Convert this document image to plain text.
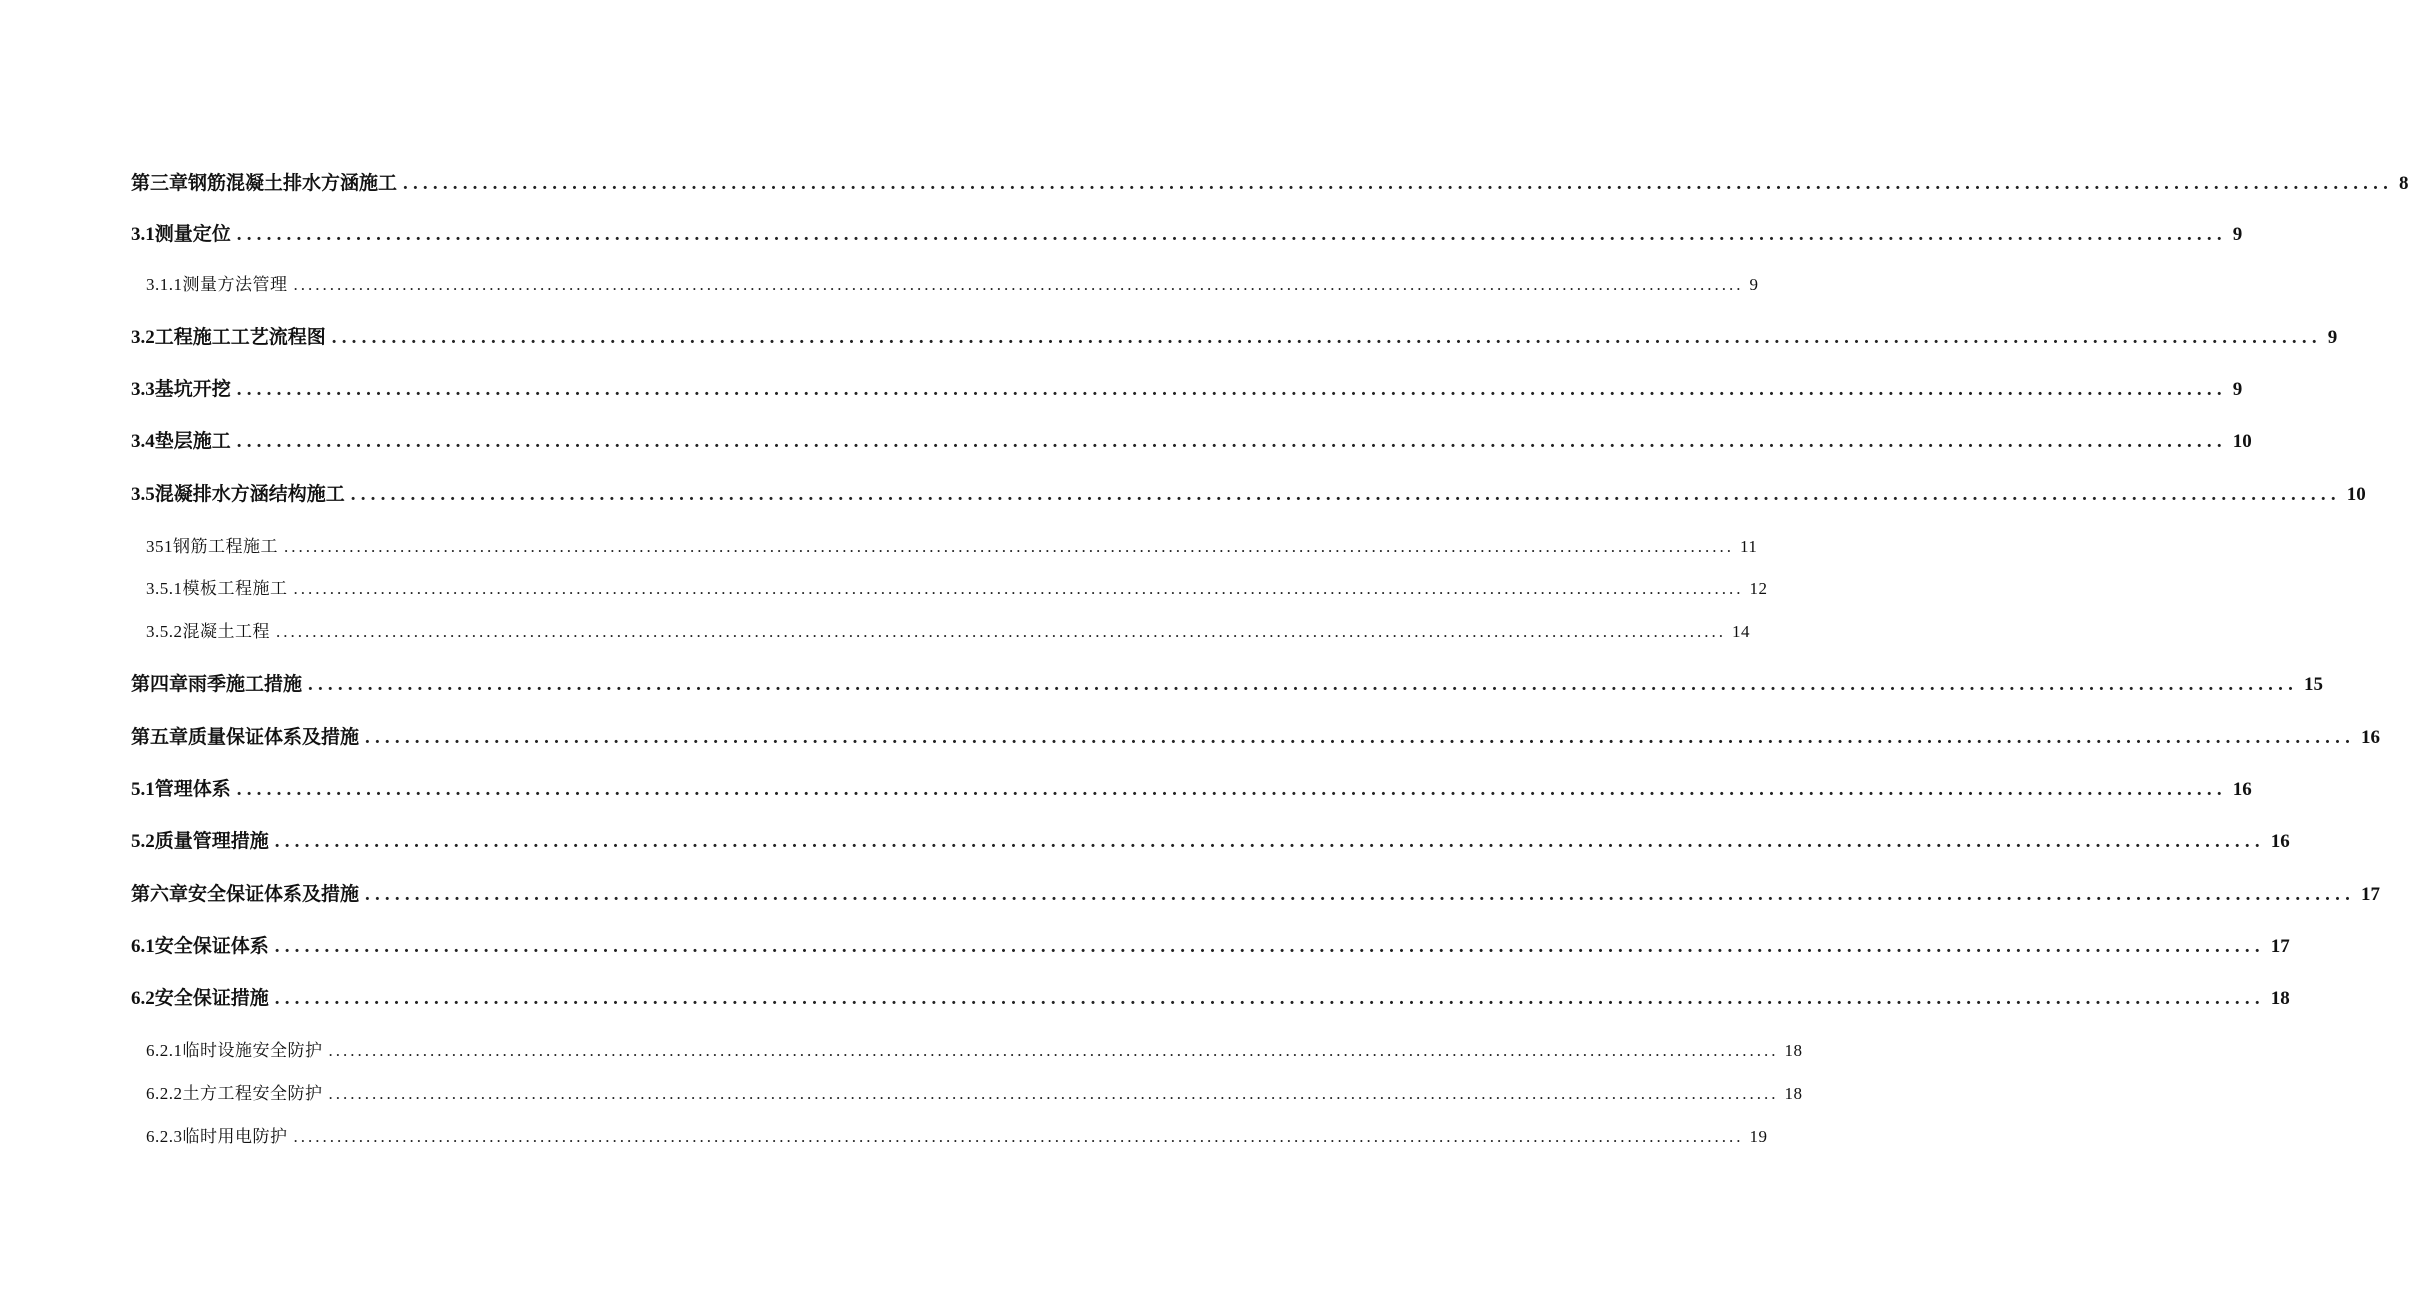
第三章钢筋混凝土排水方涵施工 ........................................................................................................................................................................................................ 8
3.1 测量定位 ........................................................................................................................................................................................................ 9
3.1.1 测量方法管理 ........................................................................................................................................................................................................ 9
3.2 工程施工工艺流程图 ........................................................................................................................................................................................................ 9
3.3 基坑开挖 ........................................................................................................................................................................................................ 9
3.4 垫层施工 ........................................................................................................................................................................................................ 10
3.5 混凝排水方涵结构施工 ........................................................................................................................................................................................................ 10
351钢筋工程施工 ........................................................................................................................................................................................................ 11
3.5.1 模板工程施工 ........................................................................................................................................................................................................ 12
3.5.2 混凝土工程 ........................................................................................................................................................................................................ 14
第四章雨季施工措施 ........................................................................................................................................................................................................ 15
第五章质量保证体系及措施 ........................................................................................................................................................................................................ 16
5.1 管理体系 ........................................................................................................................................................................................................ 16
5.2 质量管理措施 ........................................................................................................................................................................................................ 16
第六章安全保证体系及措施 ........................................................................................................................................................................................................ 17
6.1 安全保证体系 ........................................................................................................................................................................................................ 17
6.2 安全保证措施 ........................................................................................................................................................................................................ 18
6.2.1 临时设施安全防护 ........................................................................................................................................................................................................ 18
6.2.2 土方工程安全防护 ........................................................................................................................................................................................................ 18
6.2.3 临时用电防护 ........................................................................................................................................................................................................ 19
